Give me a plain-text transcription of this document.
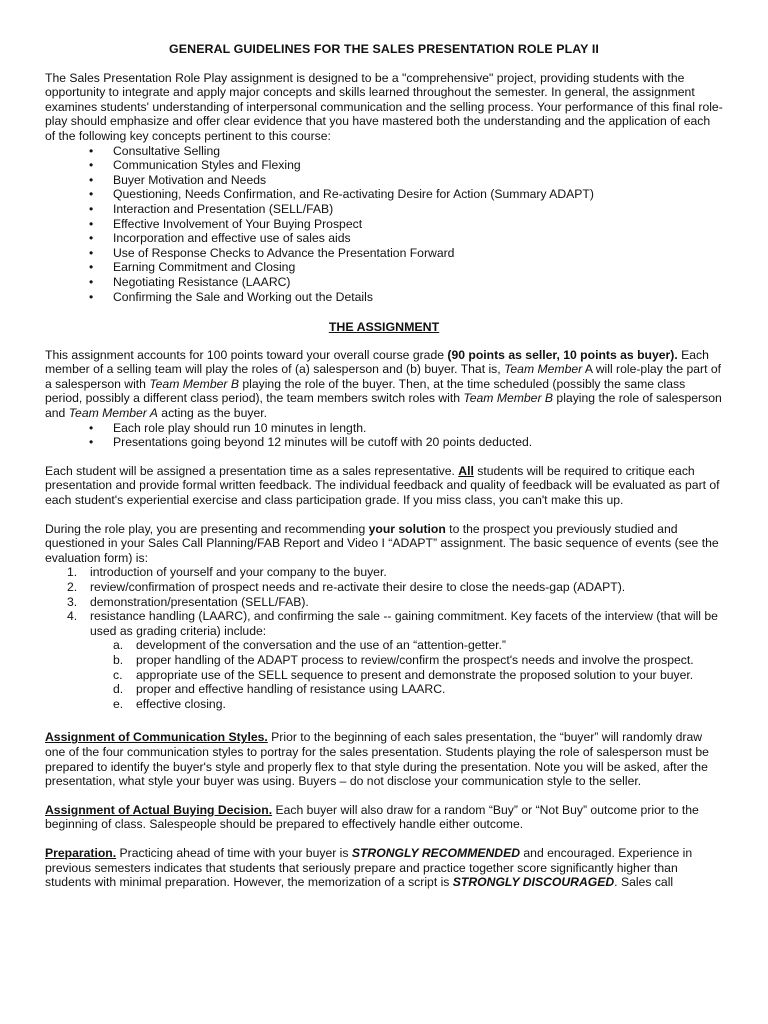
GENERAL GUIDELINES FOR THE SALES PRESENTATION ROLE PLAY II

The Sales Presentation Role Play assignment is designed to be a "comprehensive" project, providing students with the opportunity to integrate and apply major concepts and skills learned throughout the semester. In general, the assignment examines students' understanding of interpersonal communication and the selling process. Your performance of this final role-play should emphasize and offer clear evidence that you have mastered both the understanding and the application of each of the following key concepts pertinent to this course:

• Consultative Selling
• Communication Styles and Flexing
• Buyer Motivation and Needs
• Questioning, Needs Confirmation, and Re-activating Desire for Action (Summary ADAPT)
• Interaction and Presentation (SELL/FAB)
• Effective Involvement of Your Buying Prospect
• Incorporation and effective use of sales aids
• Use of Response Checks to Advance the Presentation Forward
• Earning Commitment and Closing
• Negotiating Resistance (LAARC)
• Confirming the Sale and Working out the Details
THE ASSIGNMENT

This assignment accounts for 100 points toward your overall course grade (90 points as seller, 10 points as buyer). Each member of a selling team will play the roles of (a) salesperson and (b) buyer. That is, Team Member A will role-play the part of a salesperson with Team Member B playing the role of the buyer. Then, at the time scheduled (possibly the same class period, possibly a different class period), the team members switch roles with Team Member B playing the role of salesperson and Team Member A acting as the buyer.

• Each role play should run 10 minutes in length.
• Presentations going beyond 12 minutes will be cutoff with 20 points deducted.

Each student will be assigned a presentation time as a sales representative. All students will be required to critique each presentation and provide formal written feedback. The individual feedback and quality of feedback will be evaluated as part of each student's experiential exercise and class participation grade. If you miss class, you can't make this up.

During the role play, you are presenting and recommending your solution to the prospect you previously studied and questioned in your Sales Call Planning/FAB Report and Video I “ADAPT” assignment. The basic sequence of events (see the evaluation form) is:

1. introduction of yourself and your company to the buyer.
2. review/confirmation of prospect needs and re-activate their desire to close the needs-gap (ADAPT).
3. demonstration/presentation (SELL/FAB).
4. resistance handling (LAARC), and confirming the sale -- gaining commitment. Key facets of the interview (that will be used as grading criteria) include:
a. development of the conversation and the use of an “attention-getter.”
b. proper handling of the ADAPT process to review/confirm the prospect's needs and involve the prospect.
c. appropriate use of the SELL sequence to present and demonstrate the proposed solution to your buyer.
d. proper and effective handling of resistance using LAARC.
e. effective closing.

Assignment of Communication Styles. Prior to the beginning of each sales presentation, the “buyer” will randomly draw one of the four communication styles to portray for the sales presentation. Students playing the role of salesperson must be prepared to identify the buyer's style and properly flex to that style during the presentation. Note you will be asked, after the presentation, what style your buyer was using. Buyers – do not disclose your communication style to the seller.

Assignment of Actual Buying Decision. Each buyer will also draw for a random “Buy” or “Not Buy” outcome prior to the beginning of class. Salespeople should be prepared to effectively handle either outcome.

Preparation. Practicing ahead of time with your buyer is STRONGLY RECOMMENDED and encouraged. Experience in previous semesters indicates that students that seriously prepare and practice together score significantly higher than students with minimal preparation. However, the memorization of a script is STRONGLY DISCOURAGED. Sales call
